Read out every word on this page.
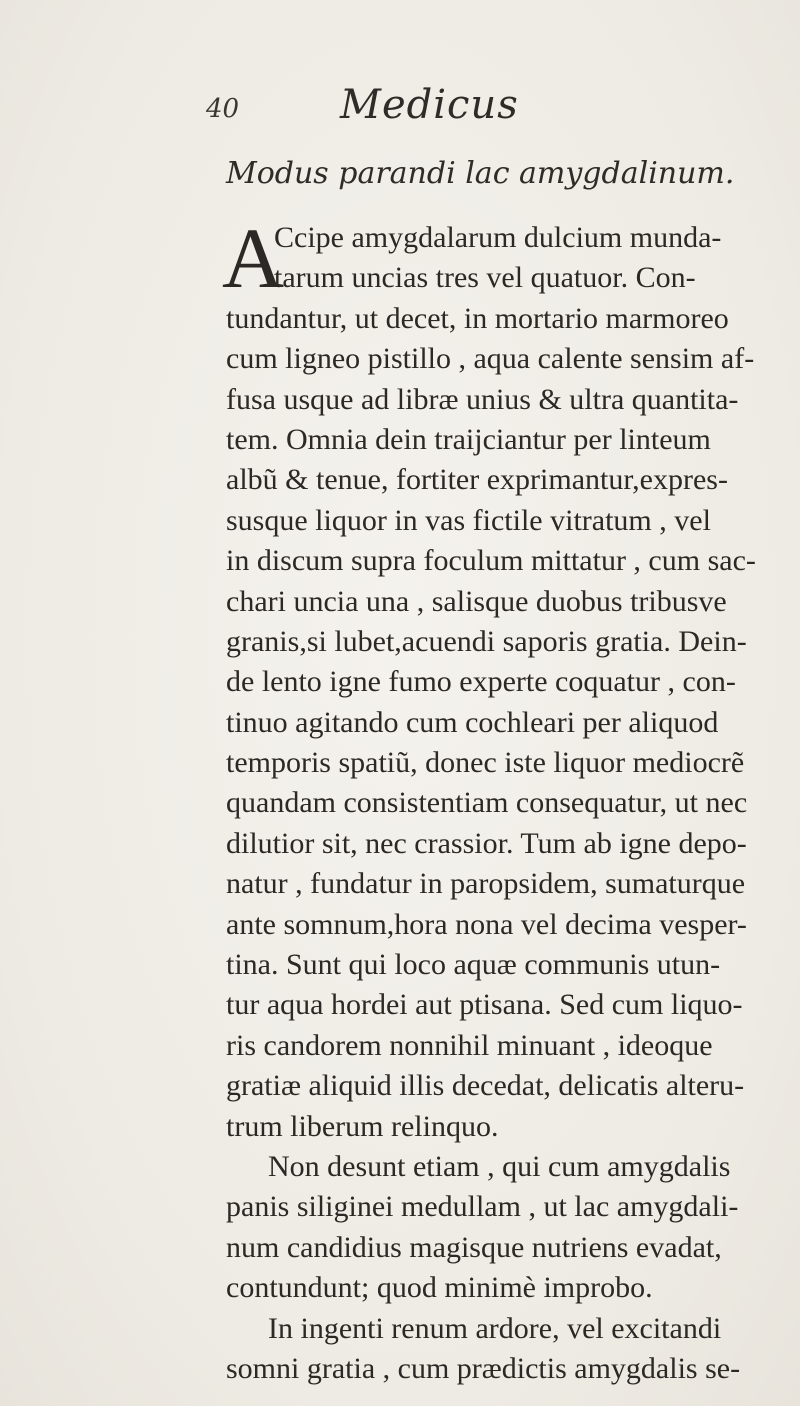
40	Medicus
Modus parandi lac amygdalinum.
A
Ccipe amygdalarum dulcium munda-
tarum uncias tres vel quatuor. Con-
tundantur, ut decet, in mortario marmoreo
cum ligneo pistillo , aqua calente sensim af-
fusa usque ad libræ unius & ultra quantita-
tem. Omnia dein traijciantur per linteum
albũ & tenue, fortiter exprimantur,expres-
susque liquor in vas fictile vitratum , vel
in discum supra foculum mittatur , cum sac-
chari uncia una , salisque duobus tribusve
granis,si lubet,acuendi saporis gratia. Dein-
de lento igne fumo experte coquatur , con-
tinuo agitando cum cochleari per aliquod
temporis spatiũ, donec iste liquor mediocrẽ
quandam consistentiam consequatur, ut nec
dilutior sit, nec crassior. Tum ab igne depo-
natur , fundatur in paropsidem, sumaturque
ante somnum,hora nona vel decima vesper-
tina. Sunt qui loco aquæ communis utun-
tur aqua hordei aut ptisana. Sed cum liquo-
ris candorem nonnihil minuant , ideoque
gratiæ aliquid illis decedat, delicatis alteru-
trum liberum relinquo.
Non desunt etiam , qui cum amygdalis
panis siliginei medullam , ut lac amygdali-
num candidius magisque nutriens evadat,
contundunt; quod minimè improbo.
In ingenti renum ardore, vel excitandi
somni gratia , cum prædictis amygdalis se-
